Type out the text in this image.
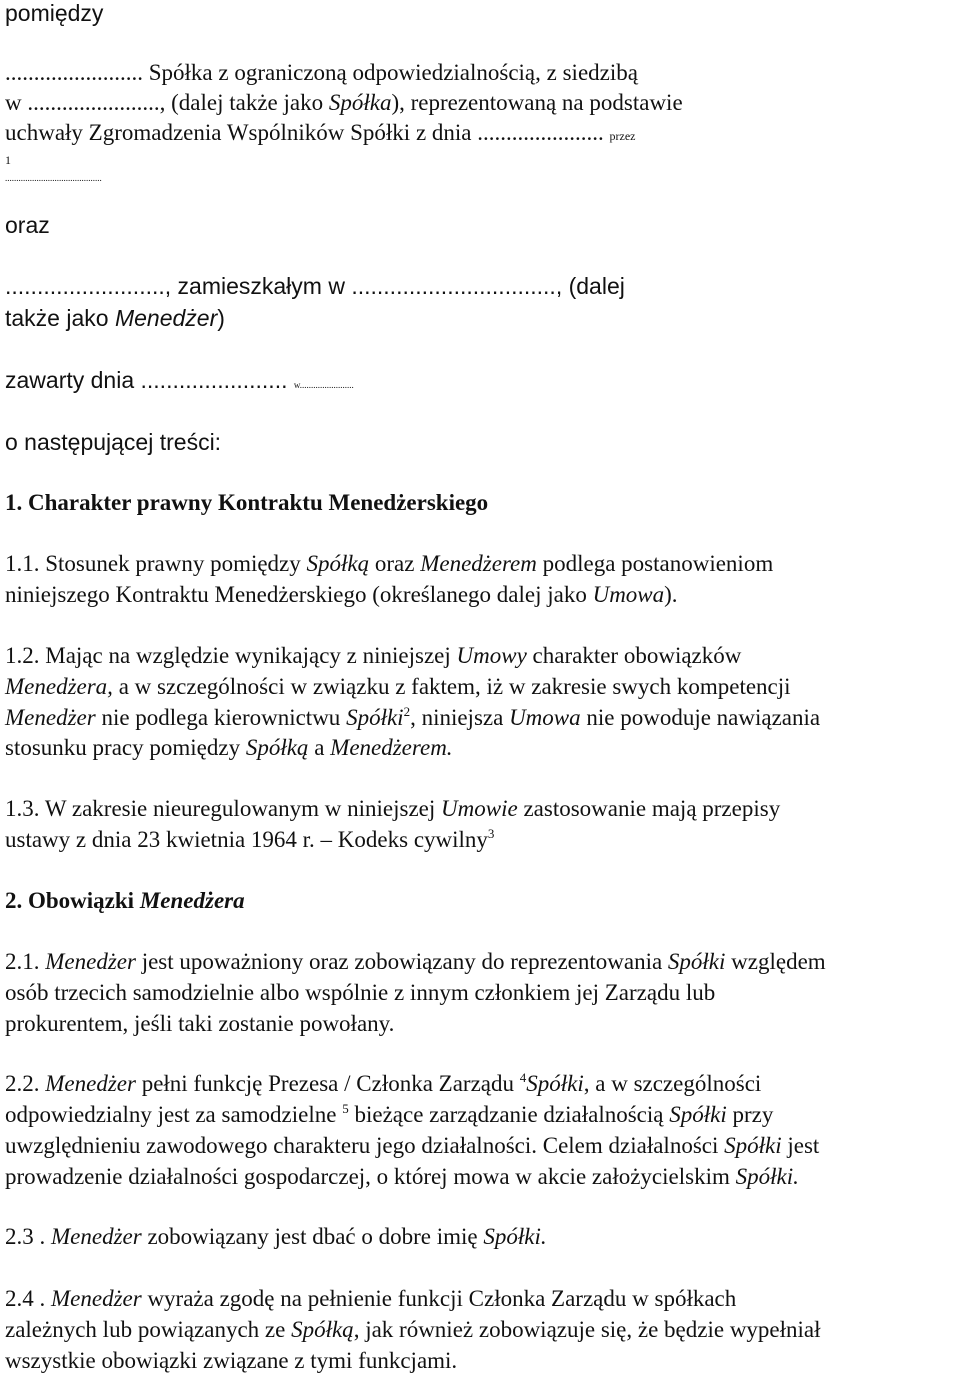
pomiędzy
........................ Spółka z ograniczoną odpowiedzialnością, z siedzibą
w ......................., (dalej także jako Spółka), reprezentowaną na podstawie
uchwały Zgromadzenia Wspólników Spółki z dnia ...................... przez
1
...........................................
oraz
........................., zamieszkałym w ................................, (dalej
także jako Menedżer)
zawarty dnia ....................... w........................
o następującej treści:
1. Charakter prawny Kontraktu Menedżerskiego
1.1. Stosunek prawny pomiędzy Spółką oraz Menedżerem podlega postanowieniom
niniejszego Kontraktu Menedżerskiego (określanego dalej jako Umowa).
1.2. Mając na względzie wynikający z niniejszej Umowy charakter obowiązków
Menedżera, a w szczególności w związku z faktem, iż w zakresie swych kompetencji
Menedżer nie podlega kierownictwu Spółki$^2$, niniejsza Umowa nie powoduje nawiązania
stosunku pracy pomiędzy Spółką a Menedżerem.
1.3. W zakresie nieuregulowanym w niniejszej Umowie zastosowanie mają przepisy
ustawy z dnia 23 kwietnia 1964 r. – Kodeks cywilny$^3$
2. Obowiązki Menedżera
2.1. Menedżer jest upoważniony oraz zobowiązany do reprezentowania Spółki względem
osób trzecich samodzielnie albo wspólnie z innym członkiem jej Zarządu lub
prokurentem, jeśli taki zostanie powołany.
2.2. Menedżer pełni funkcję Prezesa / Członka Zarządu $^4$Spółki, a w szczególności
odpowiedzialny jest za samodzielne $^5$ bieżące zarządzanie działalnością Spółki przy
uwzględnieniu zawodowego charakteru jego działalności. Celem działalności Spółki jest
prowadzenie działalności gospodarczej, o której mowa w akcie założycielskim Spółki.
2.3 . Menedżer zobowiązany jest dbać o dobre imię Spółki.
2.4 . Menedżer wyraża zgodę na pełnienie funkcji Członka Zarządu w spółkach
zależnych lub powiązanych ze Spółką, jak również zobowiązuje się, że będzie wypełniał
wszystkie obowiązki związane z tymi funkcjami.
